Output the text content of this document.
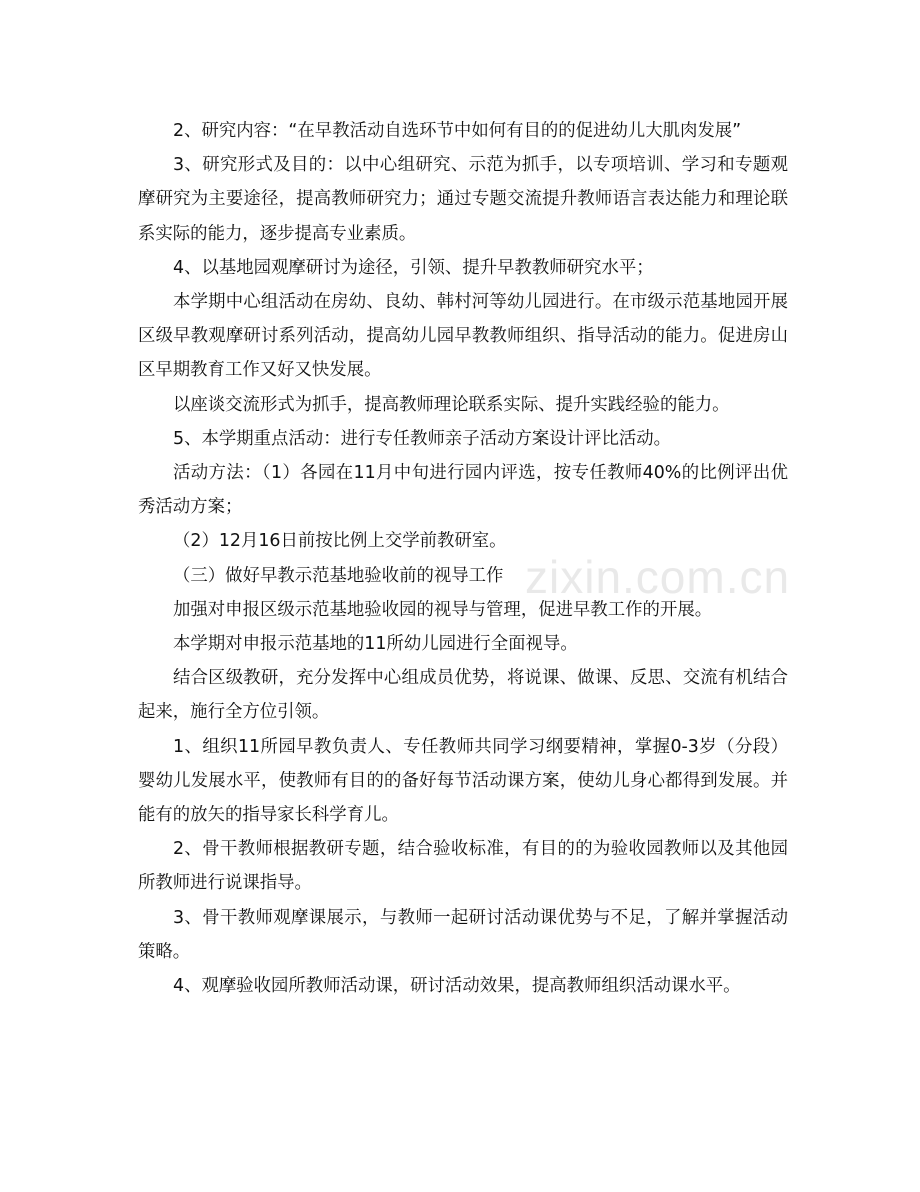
zixin.com.cn

2、研究内容：“在早教活动自选环节中如何有目的的促进幼儿大肌肉发展”

3、研究形式及目的：以中心组研究、示范为抓手，以专项培训、学习和专题观摩研究为主要途径，提高教师研究力；通过专题交流提升教师语言表达能力和理论联系实际的能力，逐步提高专业素质。

4、以基地园观摩研讨为途径，引领、提升早教教师研究水平；

本学期中心组活动在房幼、良幼、韩村河等幼儿园进行。在市级示范基地园开展区级早教观摩研讨系列活动，提高幼儿园早教教师组织、指导活动的能力。促进房山区早期教育工作又好又快发展。

以座谈交流形式为抓手，提高教师理论联系实际、提升实践经验的能力。

5、本学期重点活动：进行专任教师亲子活动方案设计评比活动。

活动方法：（1）各园在11月中旬进行园内评选，按专任教师40%的比例评出优秀活动方案；

（2）12月16日前按比例上交学前教研室。

（三）做好早教示范基地验收前的视导工作

加强对申报区级示范基地验收园的视导与管理，促进早教工作的开展。

本学期对申报示范基地的11所幼儿园进行全面视导。

结合区级教研，充分发挥中心组成员优势，将说课、做课、反思、交流有机结合起来，施行全方位引领。

1、组织11所园早教负责人、专任教师共同学习纲要精神，掌握0-3岁（分段）婴幼儿发展水平，使教师有目的的备好每节活动课方案，使幼儿身心都得到发展。并能有的放矢的指导家长科学育儿。

2、骨干教师根据教研专题，结合验收标准，有目的的为验收园教师以及其他园所教师进行说课指导。

3、骨干教师观摩课展示，与教师一起研讨活动课优势与不足，了解并掌握活动策略。

4、观摩验收园所教师活动课，研讨活动效果，提高教师组织活动课水平。
